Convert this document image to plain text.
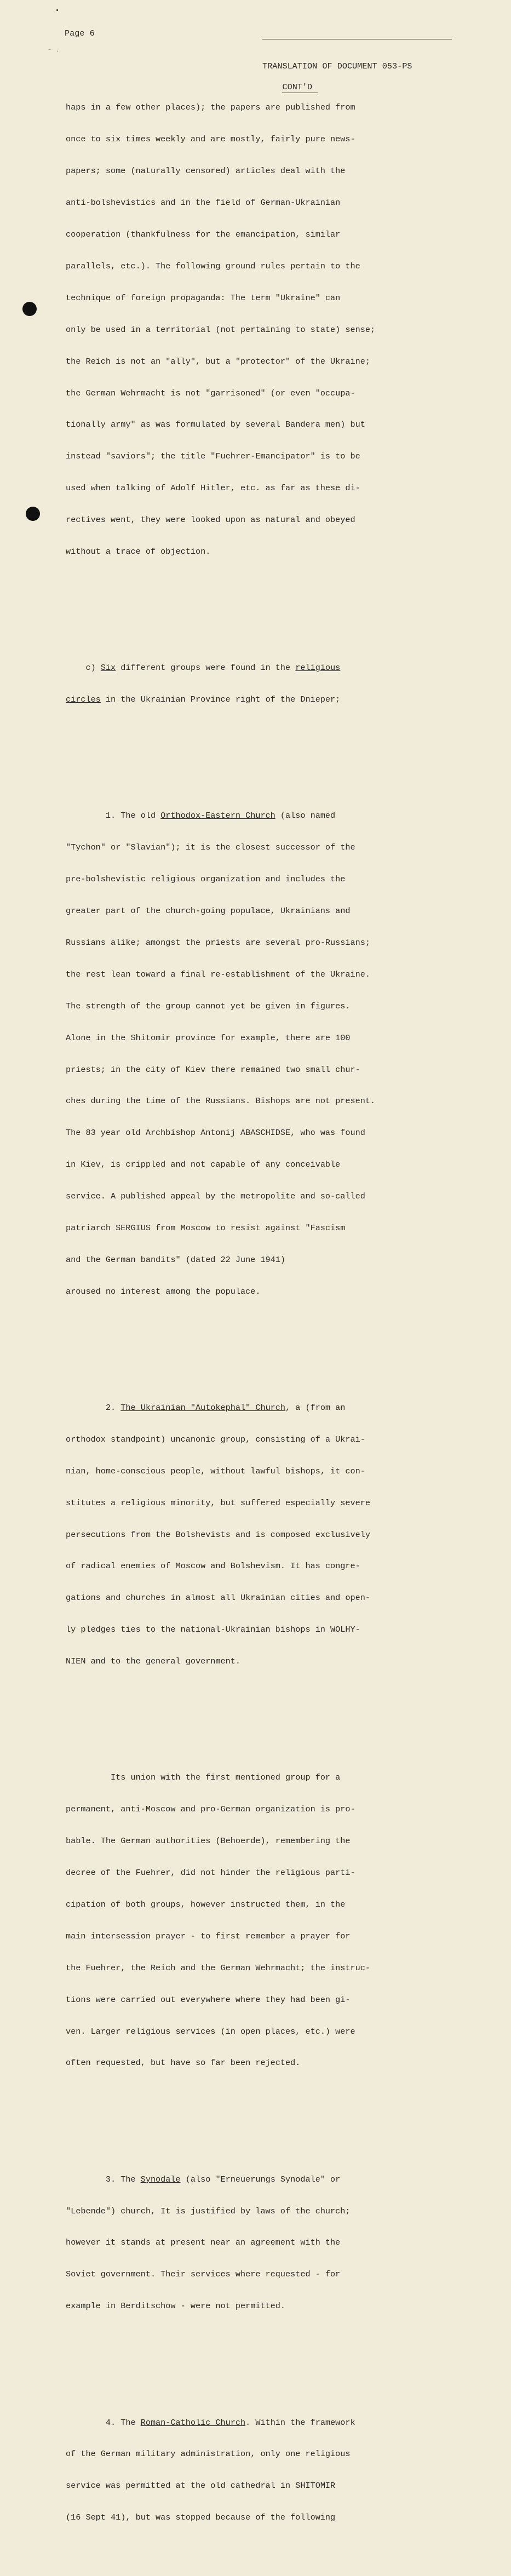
˗ ˎ
Page 6

TRANSLATION OF DOCUMENT 053-PS

CONT'D

haps in a few other places); the papers are published from

once to six times weekly and are mostly, fairly pure news-

papers; some (naturally censored) articles deal with the

anti-bolshevistics and in the field of German-Ukrainian

cooperation (thankfulness for the emancipation, similar

parallels, etc.). The following ground rules pertain to the

technique of foreign propaganda: The term "Ukraine" can

only be used in a territorial (not pertaining to state) sense;

the Reich is not an "ally", but a "protector" of the Ukraine;

the German Wehrmacht is not "garrisoned" (or even "occupa-

tionally army" as was formulated by several Bandera men) but

instead "saviors"; the title "Fuehrer-Emancipator" is to be

used when talking of Adolf Hitler, etc. as far as these di-

rectives went, they were looked upon as natural and obeyed

without a trace of objection.

c) Six different groups were found in the religious

circles in the Ukrainian Province right of the Dnieper;

1. The old Orthodox-Eastern Church (also named

"Tychon" or "Slavian"); it is the closest successor of the

pre-bolshevistic religious organization and includes the

greater part of the church-going populace, Ukrainians and

Russians alike; amongst the priests are several pro-Russians;

the rest lean toward a final re-establishment of the Ukraine.

The strength of the group cannot yet be given in figures.

Alone in the Shitomir province for example, there are 100

priests; in the city of Kiev there remained two small chur-

ches during the time of the Russians. Bishops are not present.

The 83 year old Archbishop Antonij ABASCHIDSE, who was found

in Kiev, is crippled and not capable of any conceivable

service. A published appeal by the metropolite and so-called

patriarch SERGIUS from Moscow to resist against "Fascism

and the German bandits" (dated 22 June 1941)

aroused no interest among the populace.

2. The Ukrainian "Autokephal" Church, a (from an

orthodox standpoint) uncanonic group, consisting of a Ukrai-

nian, home-conscious people, without lawful bishops, it con-

stitutes a religious minority, but suffered especially severe

persecutions from the Bolshevists and is composed exclusively

of radical enemies of Moscow and Bolshevism. It has congre-

gations and churches in almost all Ukrainian cities and open-

ly pledges ties to the national-Ukrainian bishops in WOLHY-

NIEN and to the general government.

Its union with the first mentioned group for a

permanent, anti-Moscow and pro-German organization is pro-

bable. The German authorities (Behoerde), remembering the

decree of the Fuehrer, did not hinder the religious parti-

cipation of both groups, however instructed them, in the

main intersession prayer - to first remember a prayer for

the Fuehrer, the Reich and the German Wehrmacht; the instruc-

tions were carried out everywhere where they had been gi-

ven. Larger religious services (in open places, etc.) were

often requested, but have so far been rejected.

3. The Synodale (also "Erneuerungs Synodale" or

"Lebende") church, It is justified by laws of the church;

however it stands at present near an agreement with the

Soviet government. Their services where requested - for

example in Berditschow - were not permitted.

4. The Roman-Catholic Church. Within the framework

of the German military administration, only one religious

service was permitted at the old cathedral in SHITOMIR

(16 Sept 41), but was stopped because of the following
